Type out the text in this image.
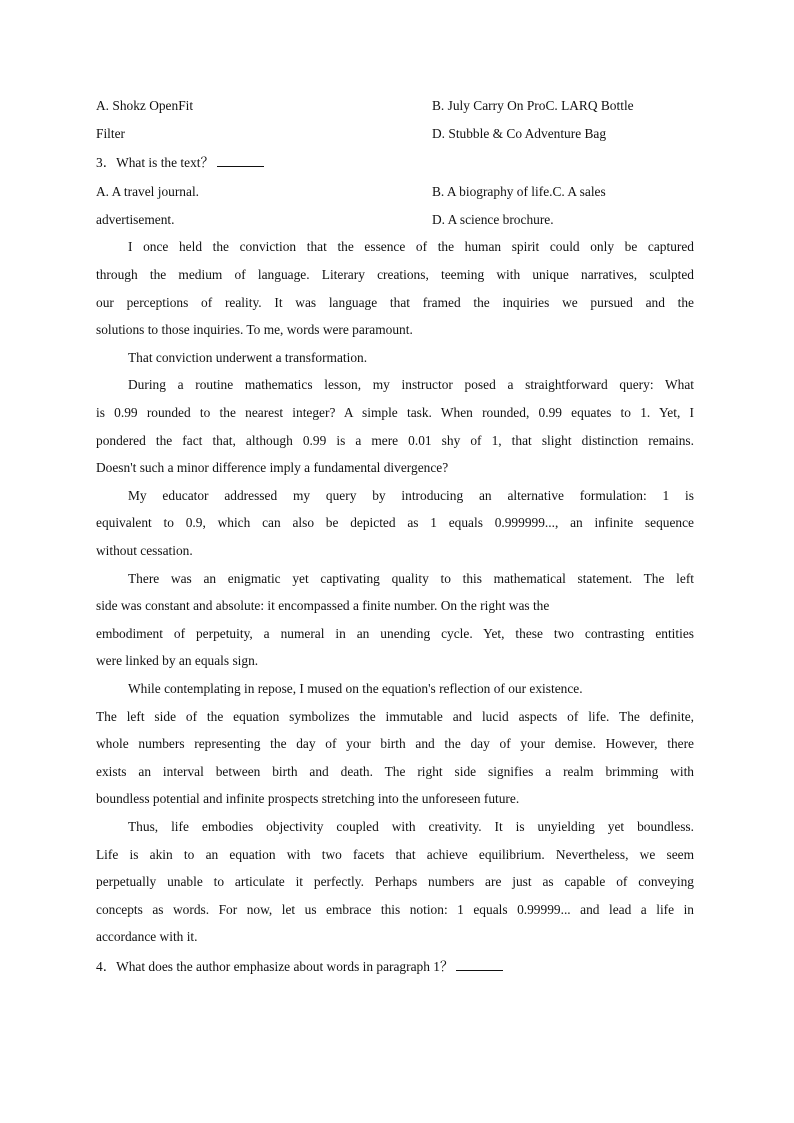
A. Shokz OpenFit	B. July Carry On ProC. LARQ Bottle
Filter	D. Stubble & Co Adventure Bag
3．What is the text？
A. A travel journal.	B. A biography of life.C. A sales
advertisement.	D. A science brochure.
I once held the conviction that the essence of the human spirit could only be captured
through the medium of language. Literary creations, teeming with unique narratives, sculpted
our perceptions of reality. It was language that framed the inquiries we pursued and the
solutions to those inquiries. To me, words were paramount.
That conviction underwent a transformation.
During a routine mathematics lesson, my instructor posed a straightforward query: What
is 0.99 rounded to the nearest integer? A simple task. When rounded, 0.99 equates to 1. Yet, I
pondered the fact that, although 0.99 is a mere 0.01 shy of 1, that slight distinction remains.
Doesn't such a minor difference imply a fundamental divergence?
My educator addressed my query by introducing an alternative formulation: 1 is
equivalent to 0.9, which can also be depicted as 1 equals 0.999999..., an infinite sequence
without cessation.
There was an enigmatic yet captivating quality to this mathematical statement. The left
side was constant and absolute: it encompassed a finite number. On the right was the
embodiment of perpetuity, a numeral in an unending cycle. Yet, these two contrasting entities
were linked by an equals sign.
While contemplating in repose, I mused on the equation's reflection of our existence.
The left side of the equation symbolizes the immutable and lucid aspects of life. The definite,
whole numbers representing the day of your birth and the day of your demise. However, there
exists an interval between birth and death. The right side signifies a realm brimming with
boundless potential and infinite prospects stretching into the unforeseen future.
Thus, life embodies objectivity coupled with creativity. It is unyielding yet boundless.
Life is akin to an equation with two facets that achieve equilibrium. Nevertheless, we seem
perpetually unable to articulate it perfectly. Perhaps numbers are just as capable of conveying
concepts as words. For now, let us embrace this notion: 1 equals 0.99999... and lead a life in
accordance with it.
4．What does the author emphasize about words in paragraph 1？
